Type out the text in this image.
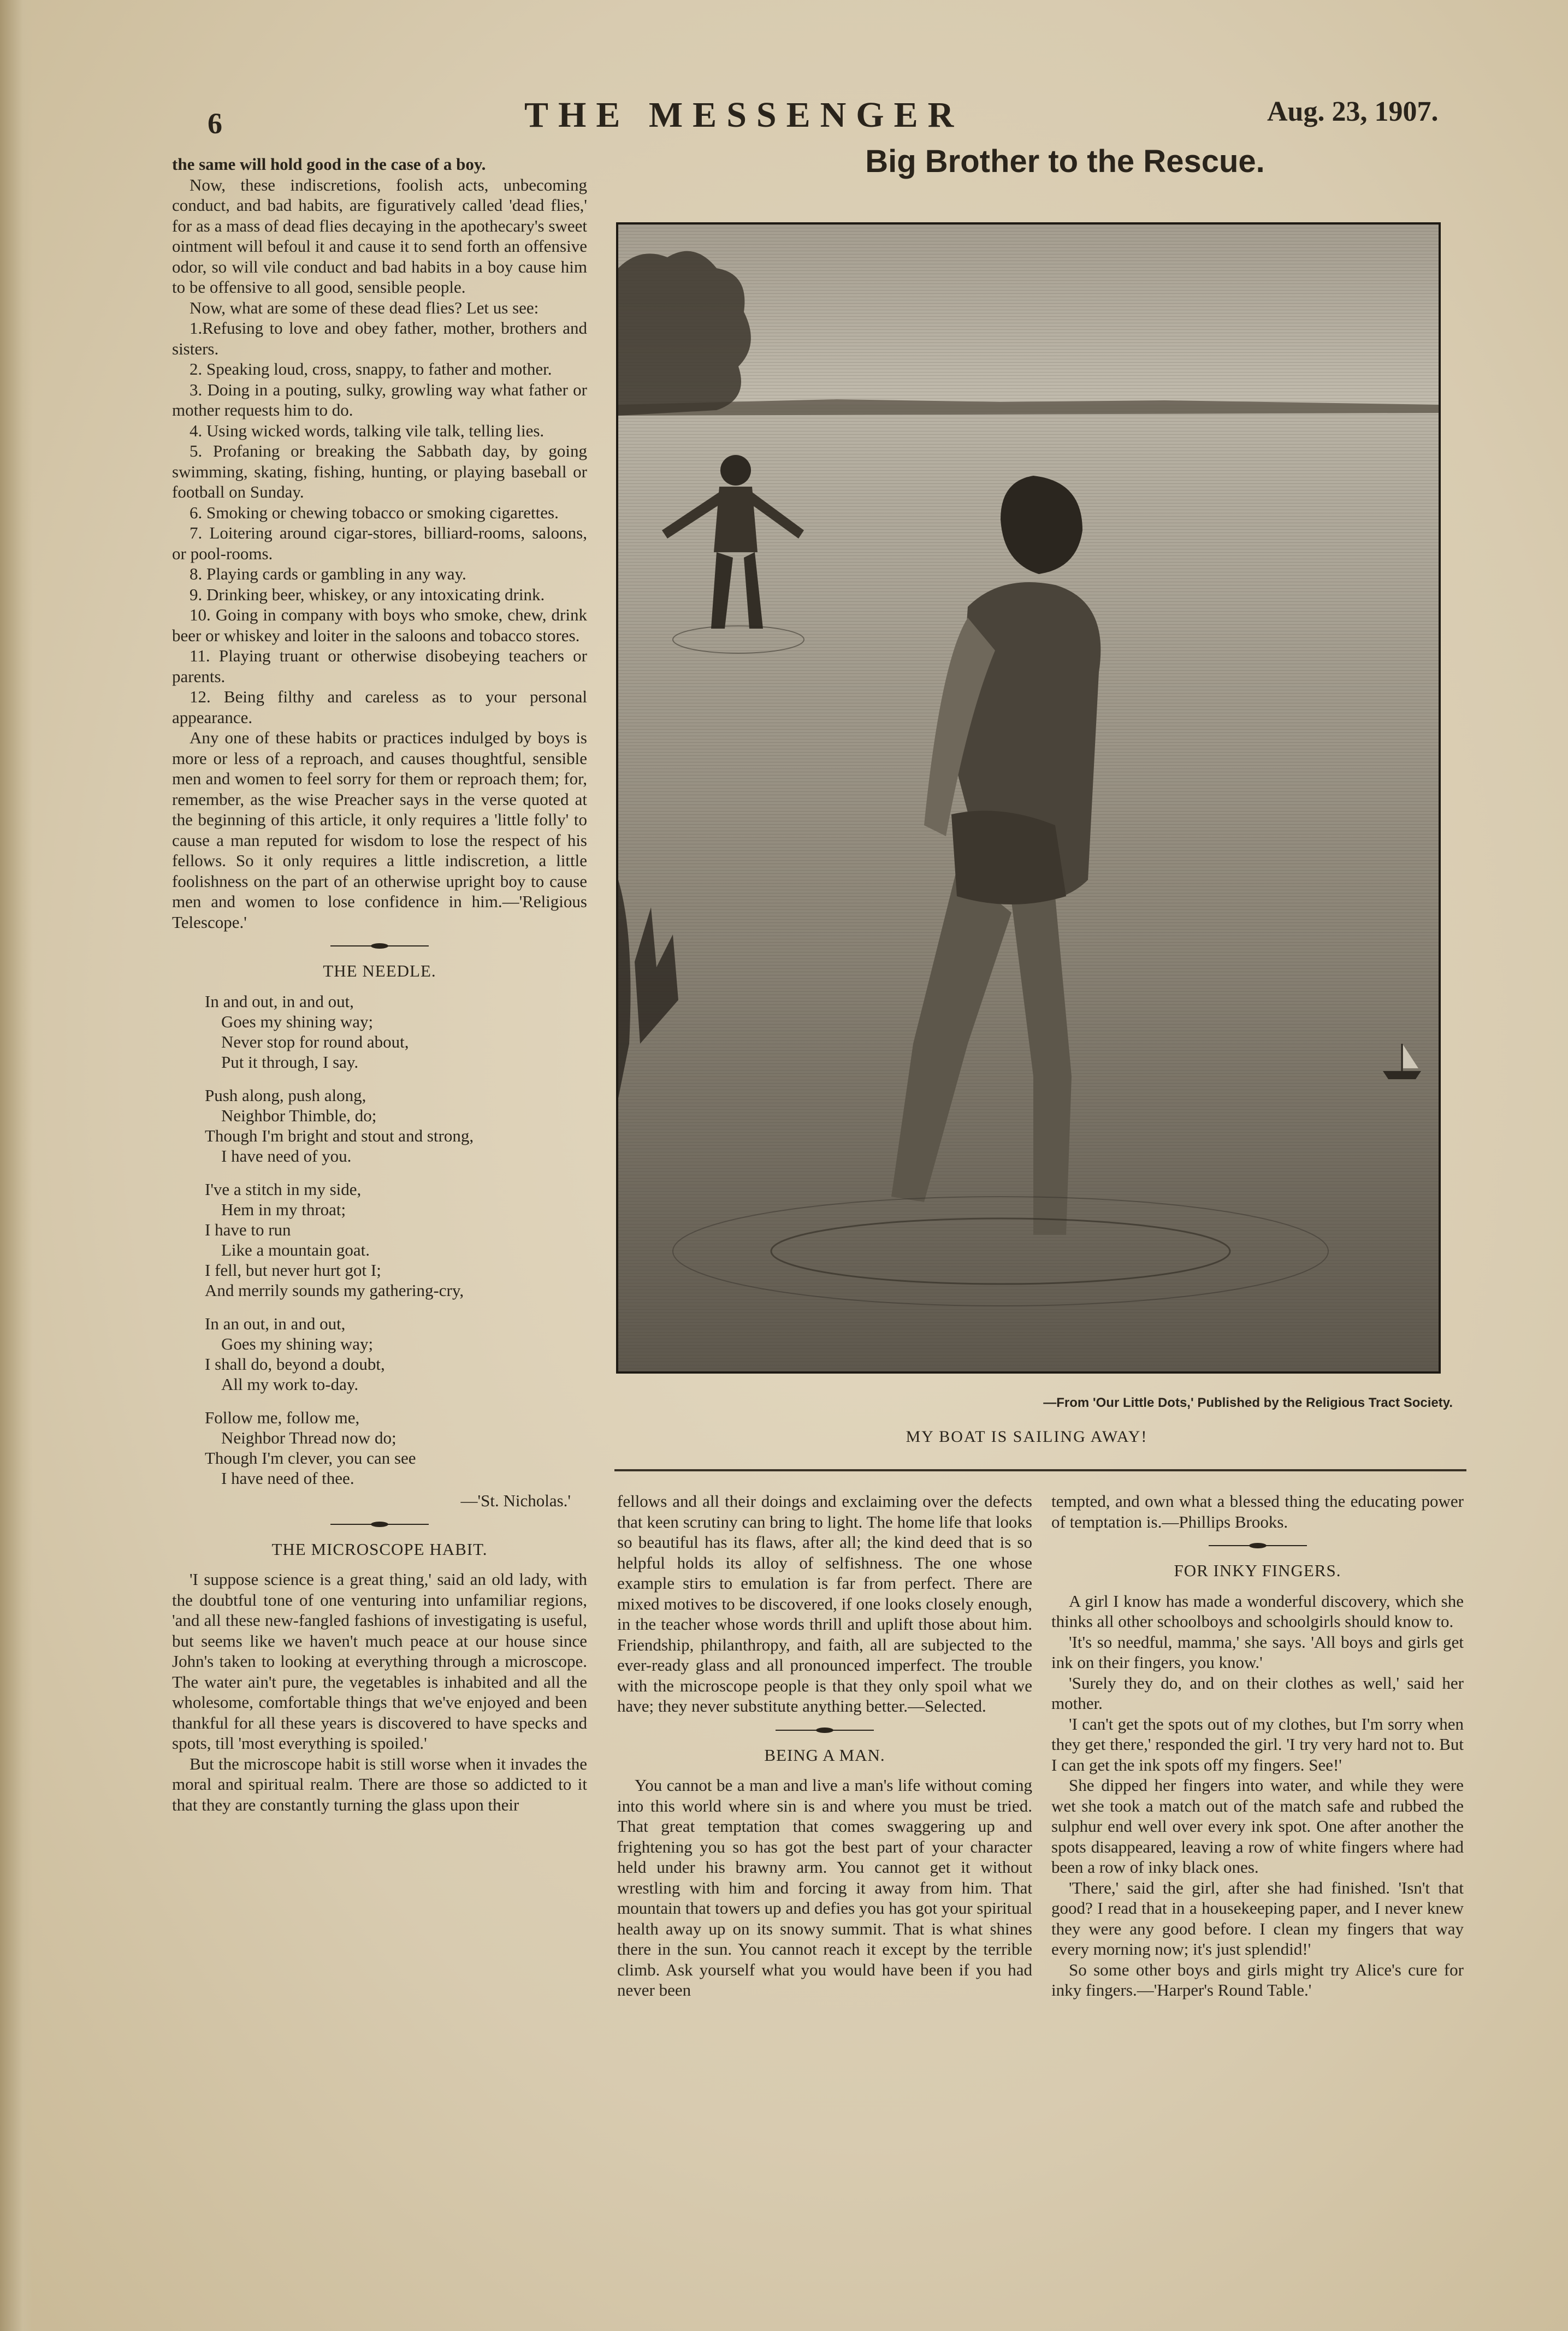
6	THE MESSENGER	Aug. 23, 1907.

the same will hold good in the case of a boy.

Now, these indiscretions, foolish acts, unbecoming conduct, and bad habits, are figuratively called 'dead flies,' for as a mass of dead flies decaying in the apothecary's sweet ointment will befoul it and cause it to send forth an offensive odor, so will vile conduct and bad habits in a boy cause him to be offensive to all good, sensible people.

Now, what are some of these dead flies? Let us see:

1.Refusing to love and obey father, mother, brothers and sisters.

2. Speaking loud, cross, snappy, to father and mother.

3. Doing in a pouting, sulky, growling way what father or mother requests him to do.

4. Using wicked words, talking vile talk, telling lies.

5. Profaning or breaking the Sabbath day, by going swimming, skating, fishing, hunting, or playing baseball or football on Sunday.

6. Smoking or chewing tobacco or smoking cigarettes.

7. Loitering around cigar-stores, billiard-rooms, saloons, or pool-rooms.

8. Playing cards or gambling in any way.

9. Drinking beer, whiskey, or any intoxicating drink.

10. Going in company with boys who smoke, chew, drink beer or whiskey and loiter in the saloons and tobacco stores.

11. Playing truant or otherwise disobeying teachers or parents.

12. Being filthy and careless as to your personal appearance.

Any one of these habits or practices indulged by boys is more or less of a reproach, and causes thoughtful, sensible men and women to feel sorry for them or reproach them; for, remember, as the wise Preacher says in the verse quoted at the beginning of this article, it only requires a 'little folly' to cause a man reputed for wisdom to lose the respect of his fellows. So it only requires a little indiscretion, a little foolishness on the part of an otherwise upright boy to cause men and women to lose confidence in him.—'Religious Telescope.'

THE NEEDLE.
In and out, in and out,
Goes my shining way;
Never stop for round about,
Put it through, I say.
Push along, push along,
Neighbor Thimble, do;
Though I'm bright and stout and strong,
I have need of you.
I've a stitch in my side,
Hem in my throat;
I have to run
Like a mountain goat.
I fell, but never hurt got I;
And merrily sounds my gathering-cry,
In an out, in and out,
Goes my shining way;
I shall do, beyond a doubt,
All my work to-day.
Follow me, follow me,
Neighbor Thread now do;
Though I'm clever, you can see
I have need of thee.
—'St. Nicholas.'
THE MICROSCOPE HABIT.

'I suppose science is a great thing,' said an old lady, with the doubtful tone of one venturing into unfamiliar regions, 'and all these new-fangled fashions of investigating is useful, but seems like we haven't much peace at our house since John's taken to looking at everything through a microscope. The water ain't pure, the vegetables is inhabited and all the wholesome, comfortable things that we've enjoyed and been thankful for all these years is discovered to have specks and spots, till 'most everything is spoiled.'

But the microscope habit is still worse when it invades the moral and spiritual realm. There are those so addicted to it that they are constantly turning the glass upon their

Big Brother to the Rescue.
—From 'Our Little Dots,' Published by the Religious Tract Society.
MY BOAT IS SAILING AWAY!

fellows and all their doings and exclaiming over the defects that keen scrutiny can bring to light. The home life that looks so beautiful has its flaws, after all; the kind deed that is so helpful holds its alloy of selfishness. The one whose example stirs to emulation is far from perfect. There are mixed motives to be discovered, if one looks closely enough, in the teacher whose words thrill and uplift those about him. Friendship, philanthropy, and faith, all are subjected to the ever-ready glass and all pronounced imperfect. The trouble with the microscope people is that they only spoil what we have; they never substitute anything better.—Selected.

BEING A MAN.

You cannot be a man and live a man's life without coming into this world where sin is and where you must be tried. That great temptation that comes swaggering up and frightening you so has got the best part of your character held under his brawny arm. You cannot get it without wrestling with him and forcing it away from him. That mountain that towers up and defies you has got your spiritual health away up on its snowy summit. That is what shines there in the sun. You cannot reach it except by the terrible climb. Ask yourself what you would have been if you had never been

tempted, and own what a blessed thing the educating power of temptation is.—Phillips Brooks.

FOR INKY FINGERS.

A girl I know has made a wonderful discovery, which she thinks all other schoolboys and schoolgirls should know to.

'It's so needful, mamma,' she says. 'All boys and girls get ink on their fingers, you know.'

'Surely they do, and on their clothes as well,' said her mother.

'I can't get the spots out of my clothes, but I'm sorry when they get there,' responded the girl. 'I try very hard not to. But I can get the ink spots off my fingers. See!'

She dipped her fingers into water, and while they were wet she took a match out of the match safe and rubbed the sulphur end well over every ink spot. One after another the spots disappeared, leaving a row of white fingers where had been a row of inky black ones.

'There,' said the girl, after she had finished. 'Isn't that good? I read that in a housekeeping paper, and I never knew they were any good before. I clean my fingers that way every morning now; it's just splendid!'

So some other boys and girls might try Alice's cure for inky fingers.—'Harper's Round Table.'
